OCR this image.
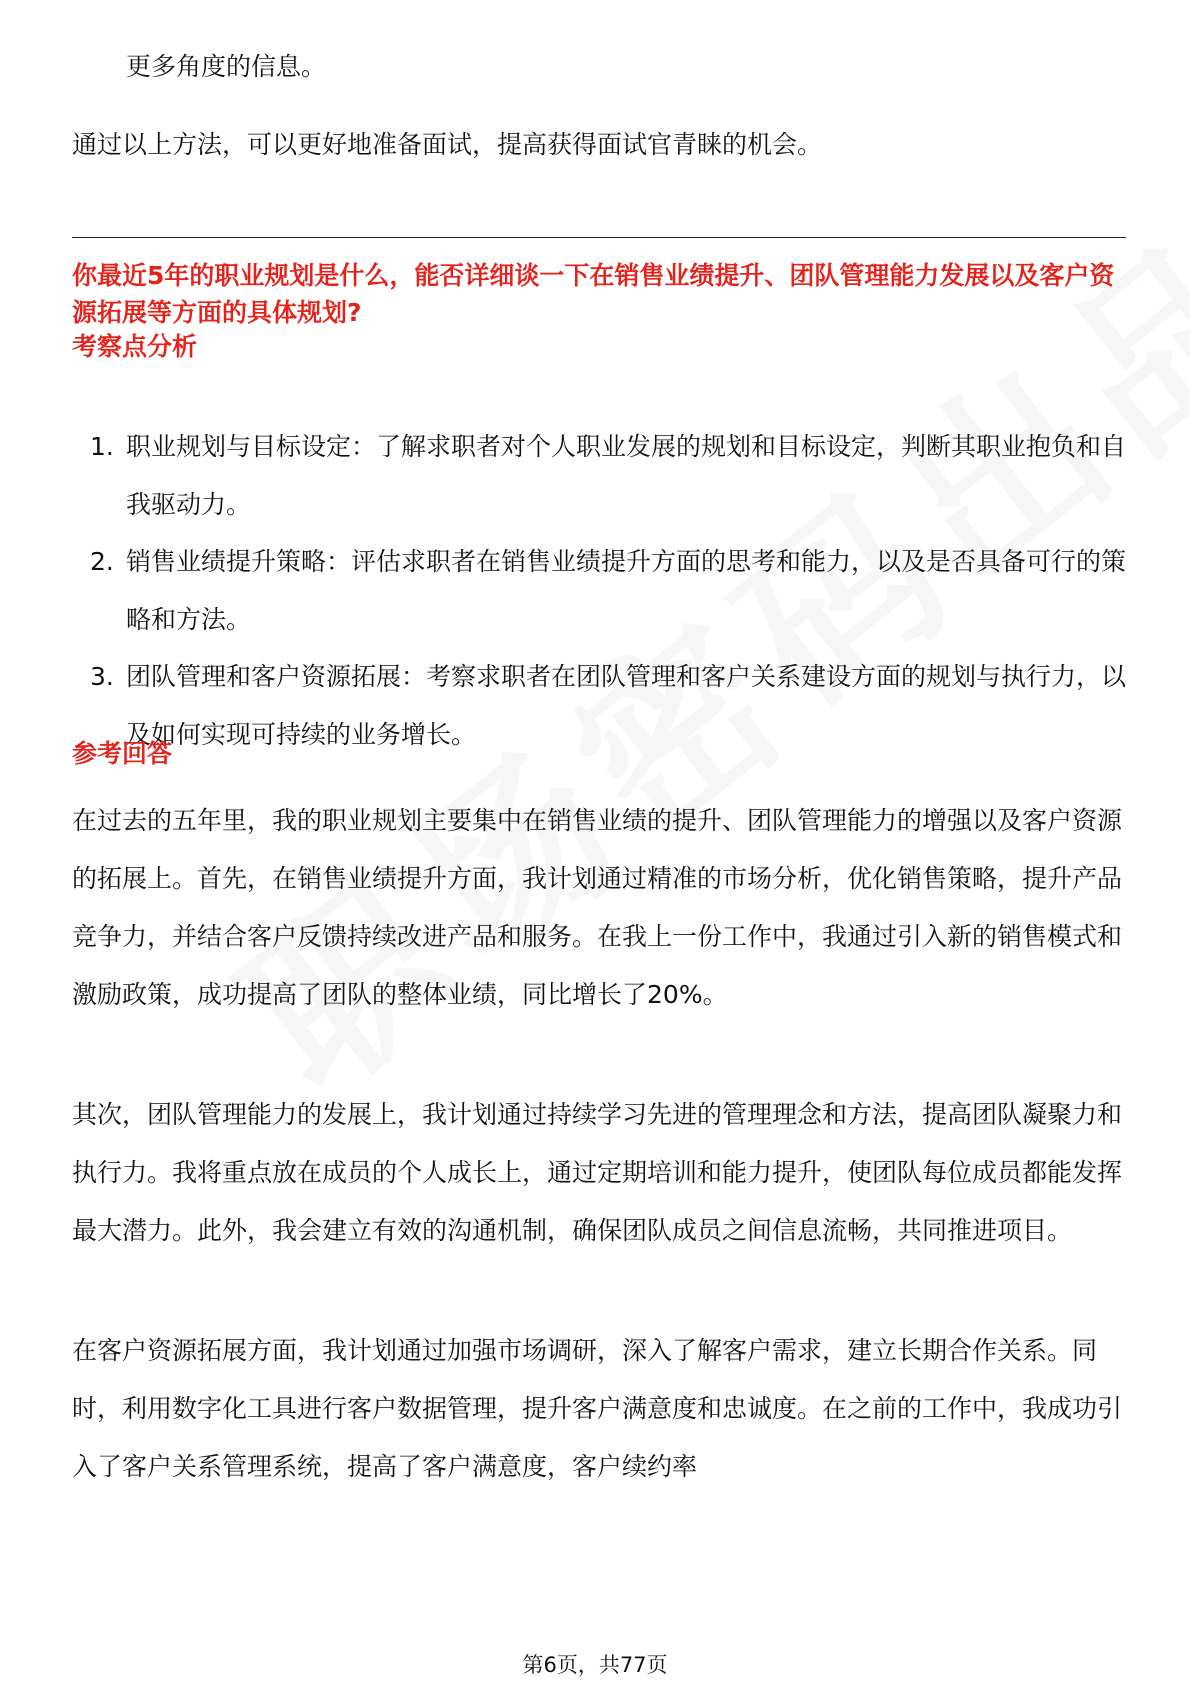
更多角度的信息。

通过以上方法，可以更好地准备面试，提高获得面试官青睐的机会。

你最近5年的职业规划是什么，能否详细谈一下在销售业绩提升、团队管理能力发展以及客户资源拓展等方面的具体规划?

考察点分析

1. 职业规划与目标设定：了解求职者对个人职业发展的规划和目标设定，判断其职业抱负和自我驱动力。
2. 销售业绩提升策略：评估求职者在销售业绩提升方面的思考和能力，以及是否具备可行的策略和方法。
3. 团队管理和客户资源拓展：考察求职者在团队管理和客户关系建设方面的规划与执行力，以及如何实现可持续的业务增长。

参考回答

在过去的五年里，我的职业规划主要集中在销售业绩的提升、团队管理能力的增强以及客户资源的拓展上。首先，在销售业绩提升方面，我计划通过精准的市场分析，优化销售策略，提升产品竞争力，并结合客户反馈持续改进产品和服务。在我上一份工作中，我通过引入新的销售模式和激励政策，成功提高了团队的整体业绩，同比增长了20%。

其次，团队管理能力的发展上，我计划通过持续学习先进的管理理念和方法，提高团队凝聚力和执行力。我将重点放在成员的个人成长上，通过定期培训和能力提升，使团队每位成员都能发挥最大潜力。此外，我会建立有效的沟通机制，确保团队成员之间信息流畅，共同推进项目。

在客户资源拓展方面，我计划通过加强市场调研，深入了解客户需求，建立长期合作关系。同时，利用数字化工具进行客户数据管理，提升客户满意度和忠诚度。在之前的工作中，我成功引入了客户关系管理系统，提高了客户满意度，客户续约率

第6页，共77页
